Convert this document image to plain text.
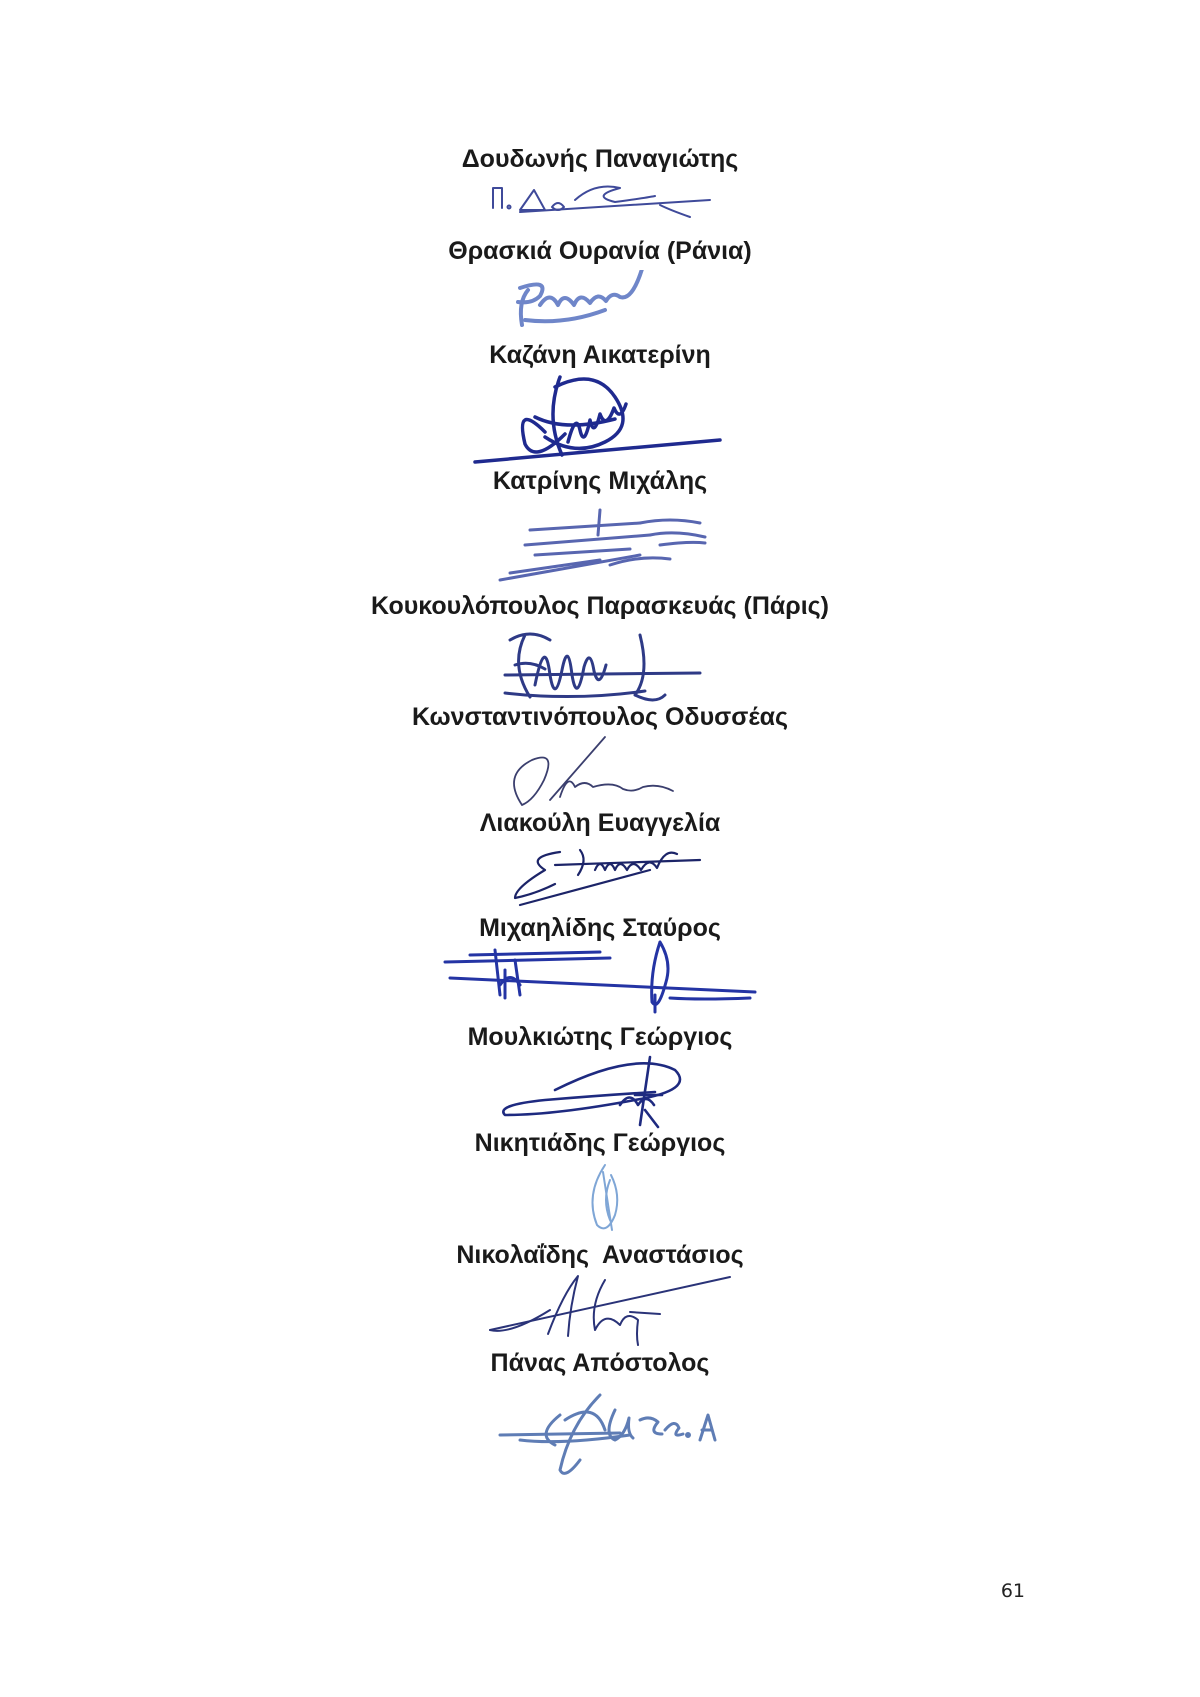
Δουδωνής Παναγιώτης
Θρασκιά Ουρανία (Ράνια)
Καζάνη Αικατερίνη
Κατρίνης Μιχάλης
Κουκουλόπουλος Παρασκευάς (Πάρις)
Κωνσταντινόπουλος Οδυσσέας
Λιακούλη Ευαγγελία
Μιχαηλίδης Σταύρος
Μουλκιώτης Γεώργιος
Νικητιάδης Γεώργιος
Νικολαΐδης  Αναστάσιος
Πάνας Απόστολος
61
